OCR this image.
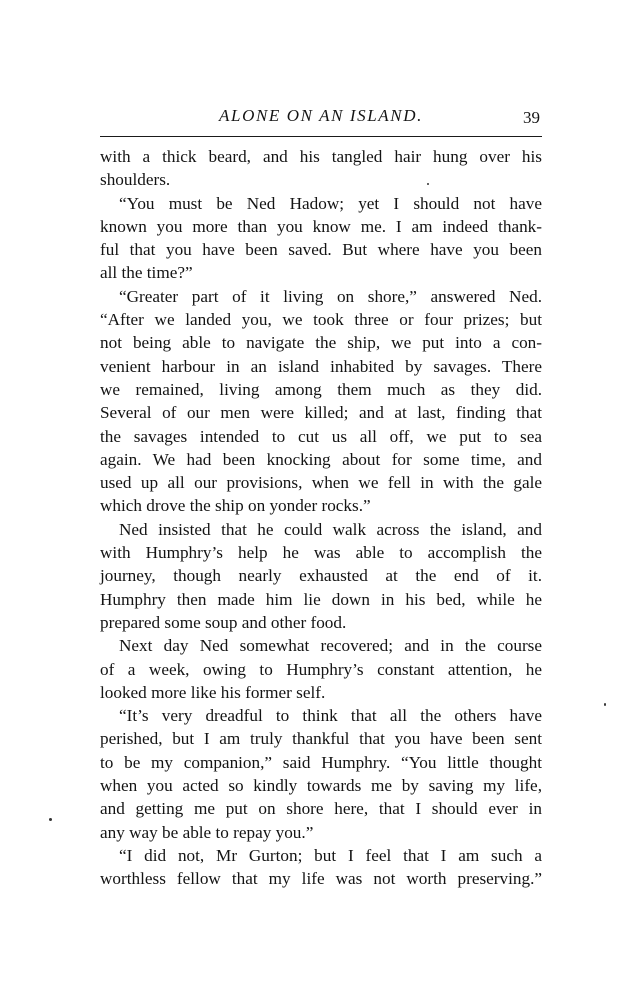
ALONE ON AN ISLAND.	39
with a thick beard, and his tangled hair hung over his
shoulders.
“You must be Ned Hadow; yet I should not have
known you more than you know me. I am indeed thank-
ful that you have been saved. But where have you been
all the time?”
“Greater part of it living on shore,” answered Ned.
“After we landed you, we took three or four prizes; but
not being able to navigate the ship, we put into a con-
venient harbour in an island inhabited by savages. There
we remained, living among them much as they did.
Several of our men were killed; and at last, finding that
the savages intended to cut us all off, we put to sea
again. We had been knocking about for some time, and
used up all our provisions, when we fell in with the gale
which drove the ship on yonder rocks.”
Ned insisted that he could walk across the island, and
with Humphry’s help he was able to accomplish the
journey, though nearly exhausted at the end of it.
Humphry then made him lie down in his bed, while he
prepared some soup and other food.
Next day Ned somewhat recovered; and in the course
of a week, owing to Humphry’s constant attention, he
looked more like his former self.
“It’s very dreadful to think that all the others have
perished, but I am truly thankful that you have been sent
to be my companion,” said Humphry. “You little thought
when you acted so kindly towards me by saving my life,
and getting me put on shore here, that I should ever in
any way be able to repay you.”
“I did not, Mr Gurton; but I feel that I am such a
worthless fellow that my life was not worth preserving.”
